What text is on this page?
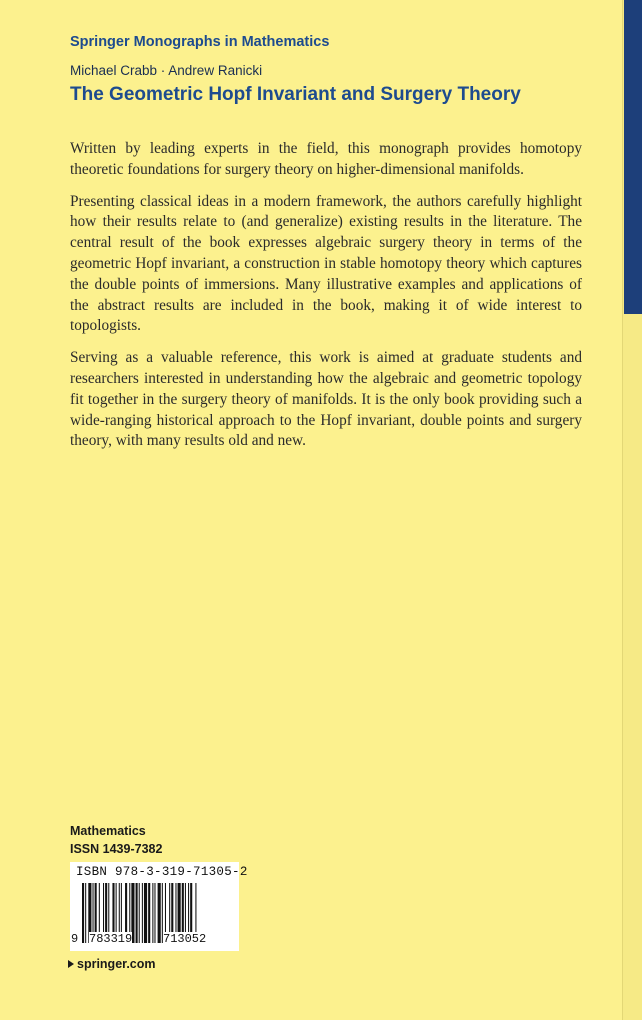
Springer Monographs in Mathematics
Michael Crabb · Andrew Ranicki
The Geometric Hopf Invariant and Surgery Theory

Written by leading experts in the field, this monograph provides homotopy theoretic foundations for surgery theory on higher-dimensional manifolds.

Presenting classical ideas in a modern framework, the authors carefully highlight how their results relate to (and generalize) existing results in the literature. The central result of the book expresses algebraic surgery theory in terms of the geometric Hopf invariant, a construction in stable homotopy theory which captures the double points of immersions. Many illustrative examples and applications of the abstract results are included in the book, making it of wide interest to topologists.

Serving as a valuable reference, this work is aimed at graduate students and researchers interested in understanding how the algebraic and geometric topology fit together in the surgery theory of manifolds. It is the only book providing such a wide-ranging historical approach to the Hopf invariant, double points and surgery theory, with many results old and new.

Mathematics
ISSN 1439-7382
ISBN 978-3-319-71305-2
9 783319	713052
springer.com
